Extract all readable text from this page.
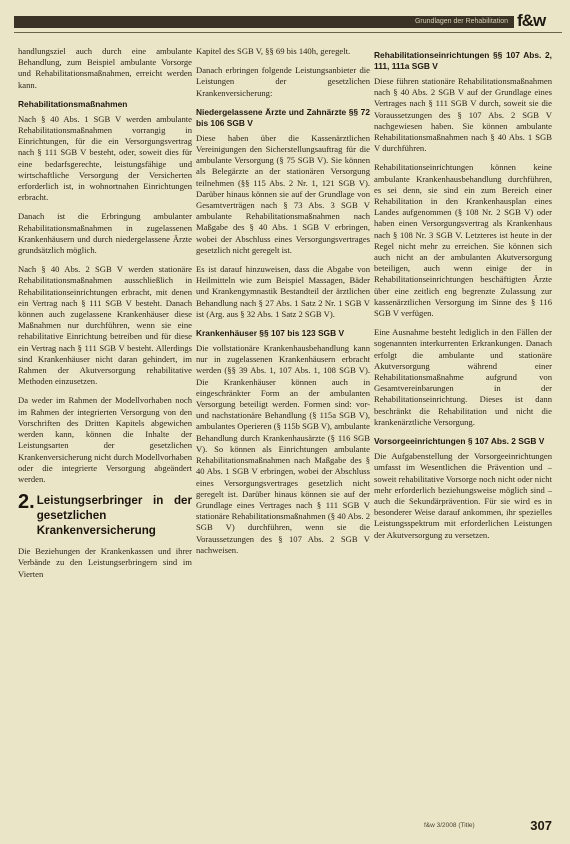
Grundlagen der Rehabilitation f&w

handlungsziel auch durch eine ambulante Behandlung, zum Beispiel ambulante Vorsorge und Rehabilitationsmaßnahmen, erreicht werden kann.

Rehabilitationsmaßnahmen

Nach § 40 Abs. 1 SGB V werden ambulante Rehabilitationsmaßnahmen vorrangig in Einrichtungen, für die ein Versorgungsvertrag nach § 111 SGB V besteht, oder, soweit dies für eine bedarfsgerechte, leistungsfähige und wirtschaftliche Versorgung der Versicherten erforderlich ist, in wohnortnahen Einrichtungen erbracht.

Danach ist die Erbringung ambulanter Rehabilitationsmaßnahmen in zugelassenen Krankenhäusern und durch niedergelassene Ärzte grundsätzlich möglich.

Nach § 40 Abs. 2 SGB V werden stationäre Rehabilitationsmaßnahmen ausschließlich in Rehabilitationseinrichtungen erbracht, mit denen ein Vertrag nach § 111 SGB V besteht. Danach können auch zugelassene Krankenhäuser diese Maßnahmen nur durchführen, wenn sie eine rehabilitative Einrichtung betreiben und für diese ein Vertrag nach § 111 SGB V besteht. Allerdings sind Krankenhäuser nicht daran gehindert, im Rahmen der Akutversorgung rehabilitative Methoden einzusetzen.

Da weder im Rahmen der Modellvorhaben noch im Rahmen der integrierten Versorgung von den Vorschriften des Dritten Kapitels abgewichen werden kann, können die Inhalte der Leistungsarten der gesetzlichen Krankenversicherung nicht durch Modellvorhaben oder die integrierte Versorgung abgeändert werden.

2. Leistungserbringer in der gesetzlichen Krankenversicherung

Die Beziehungen der Krankenkassen und ihrer Verbände zu den Leistungserbringern sind im Vierten

Kapitel des SGB V, §§ 69 bis 140h, geregelt.

Danach erbringen folgende Leistungsanbieter die Leistungen der gesetzlichen Krankenversicherung:

Niedergelassene Ärzte und Zahnärzte §§ 72 bis 106 SGB V

Diese haben über die Kassenärztlichen Vereinigungen den Sicherstellungsauftrag für die ambulante Versorgung (§ 75 SGB V). Sie können als Belegärzte an der stationären Versorgung teilnehmen (§§ 115 Abs. 2 Nr. 1, 121 SGB V). Darüber hinaus können sie auf der Grundlage von Gesamtverträgen nach § 73 Abs. 3 SGB V ambulante Rehabilitationsmaßnahmen nach Maßgabe des § 40 Abs. 1 SGB V erbringen, wobei der Abschluss eines Versorgungsvertrages gesetzlich nicht geregelt ist.

Es ist darauf hinzuweisen, dass die Abgabe von Heilmitteln wie zum Beispiel Massagen, Bäder und Krankengymnastik Bestandteil der ärztlichen Behandlung nach § 27 Abs. 1 Satz 2 Nr. 1 SGB V ist (Arg. aus § 32 Abs. 1 Satz 2 SGB V).

Krankenhäuser §§ 107 bis 123 SGB V

Die vollstationäre Krankenhausbehandlung kann nur in zugelassenen Krankenhäusern erbracht werden (§§ 39 Abs. 1, 107 Abs. 1, 108 SGB V). Die Krankenhäuser können auch in eingeschränkter Form an der ambulanten Versorgung beteiligt werden. Formen sind: vor- und nachstationäre Behandlung (§ 115a SGB V), ambulantes Operieren (§ 115b SGB V), ambulante Behandlung durch Krankenhausärzte (§ 116 SGB V). So können als Einrichtungen ambulante Rehabilitationsmaßnahmen nach Maßgabe des § 40 Abs. 1 SGB V erbringen, wobei der Abschluss eines Versorgungsvertrages gesetzlich nicht geregelt ist. Darüber hinaus können sie auf der Grundlage eines Vertrages nach § 111 SGB V stationäre Rehabilitationsmaßnahmen (§ 40 Abs. 2 SGB V) durchführen, wenn sie die Voraussetzungen des § 107 Abs. 2 SGB V nachweisen.

Rehabilitationseinrichtungen §§ 107 Abs. 2, 111, 111a SGB V

Diese führen stationäre Rehabilitationsmaßnahmen nach § 40 Abs. 2 SGB V auf der Grundlage eines Vertrages nach § 111 SGB V durch, soweit sie die Voraussetzungen des § 107 Abs. 2 SGB V nachgewiesen haben. Sie können ambulante Rehabilitationsmaßnahmen nach § 40 Abs. 1 SGB V durchführen.

Rehabilitationseinrichtungen können keine ambulante Krankenhausbehandlung durchführen, es sei denn, sie sind ein zum Bereich einer Rehabilitation in den Krankenhausplan eines Landes aufgenommen (§ 108 Nr. 2 SGB V) oder haben einen Versorgungsvertrag als Krankenhaus nach § 108 Nr. 3 SGB V. Letzteres ist heute in der Regel nicht mehr zu erreichen. Sie können sich auch nicht an der ambulanten Akutversorgung beteiligen, auch wenn einige der in Rehabilitationseinrichtungen beschäftigten Ärzte über eine zeitlich eng begrenzte Zulassung zur kassenärztlichen Versorgung im Sinne des § 116 SGB V verfügen.

Eine Ausnahme besteht lediglich in den Fällen der sogenannten interkurrenten Erkrankungen. Danach erfolgt die ambulante und stationäre Akutversorgung während einer Rehabilitationsmaßnahme aufgrund von Gesamtvereinbarungen in der Rehabilitationseinrichtung. Dieses ist dann beschränkt die Rehabilitation und nicht die krankenärztliche Versorgung.

Vorsorgeeinrichtungen § 107 Abs. 2 SGB V

Die Aufgabenstellung der Vorsorgeeinrichtungen umfasst im Wesentlichen die Prävention und – soweit rehabilitative Vorsorge noch nicht oder nicht mehr erforderlich beziehungsweise möglich sind – auch die Sekundärprävention. Für sie wird es in besonderer Weise darauf ankommen, ihr spezielles Leistungsspektrum mit erforderlichen Leistungen der Akutversorgung zu versetzen.

f&w 3/2008 (Title)	307
